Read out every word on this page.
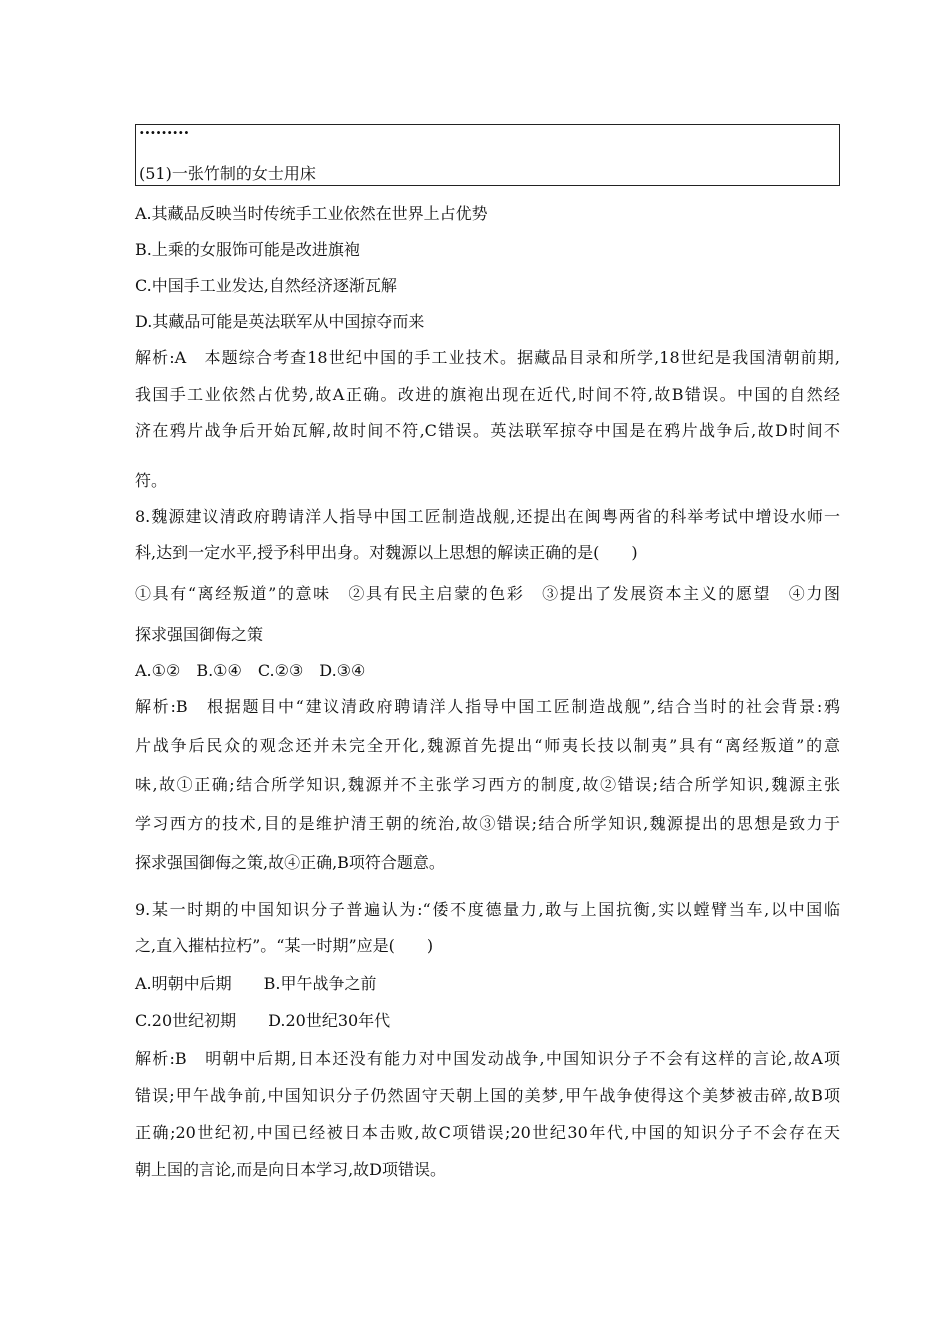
·········
(51)一张竹制的女士用床
A.其藏品反映当时传统手工业依然在世界上占优势
B.上乘的女服饰可能是改进旗袍
C.中国手工业发达,自然经济逐渐瓦解
D.其藏品可能是英法联军从中国掠夺而来
解析:A　本题综合考查18世纪中国的手工业技术。据藏品目录和所学,18世纪是我国清朝前期,
我国手工业依然占优势,故A正确。改进的旗袍出现在近代,时间不符,故B错误。中国的自然经
济在鸦片战争后开始瓦解,故时间不符,C错误。英法联军掠夺中国是在鸦片战争后,故D时间不
符。
8.魏源建议清政府聘请洋人指导中国工匠制造战舰,还提出在闽粤两省的科举考试中增设水师一
科,达到一定水平,授予科甲出身。对魏源以上思想的解读正确的是(　　)
①具有“离经叛道”的意味　②具有民主启蒙的色彩　③提出了发展资本主义的愿望　④力图
探求强国御侮之策
A.①②　B.①④　C.②③　D.③④
解析:B　根据题目中“建议清政府聘请洋人指导中国工匠制造战舰”,结合当时的社会背景:鸦
片战争后民众的观念还并未完全开化,魏源首先提出“师夷长技以制夷”具有“离经叛道”的意
味,故①正确;结合所学知识,魏源并不主张学习西方的制度,故②错误;结合所学知识,魏源主张
学习西方的技术,目的是维护清王朝的统治,故③错误;结合所学知识,魏源提出的思想是致力于
探求强国御侮之策,故④正确,B项符合题意。
9.某一时期的中国知识分子普遍认为:“倭不度德量力,敢与上国抗衡,实以螳臂当车,以中国临
之,直入摧枯拉朽”。“某一时期”应是(　　)
A.明朝中后期　　B.甲午战争之前
C.20世纪初期　　D.20世纪30年代
解析:B　明朝中后期,日本还没有能力对中国发动战争,中国知识分子不会有这样的言论,故A项
错误;甲午战争前,中国知识分子仍然固守天朝上国的美梦,甲午战争使得这个美梦被击碎,故B项
正确;20世纪初,中国已经被日本击败,故C项错误;20世纪30年代,中国的知识分子不会存在天
朝上国的言论,而是向日本学习,故D项错误。
